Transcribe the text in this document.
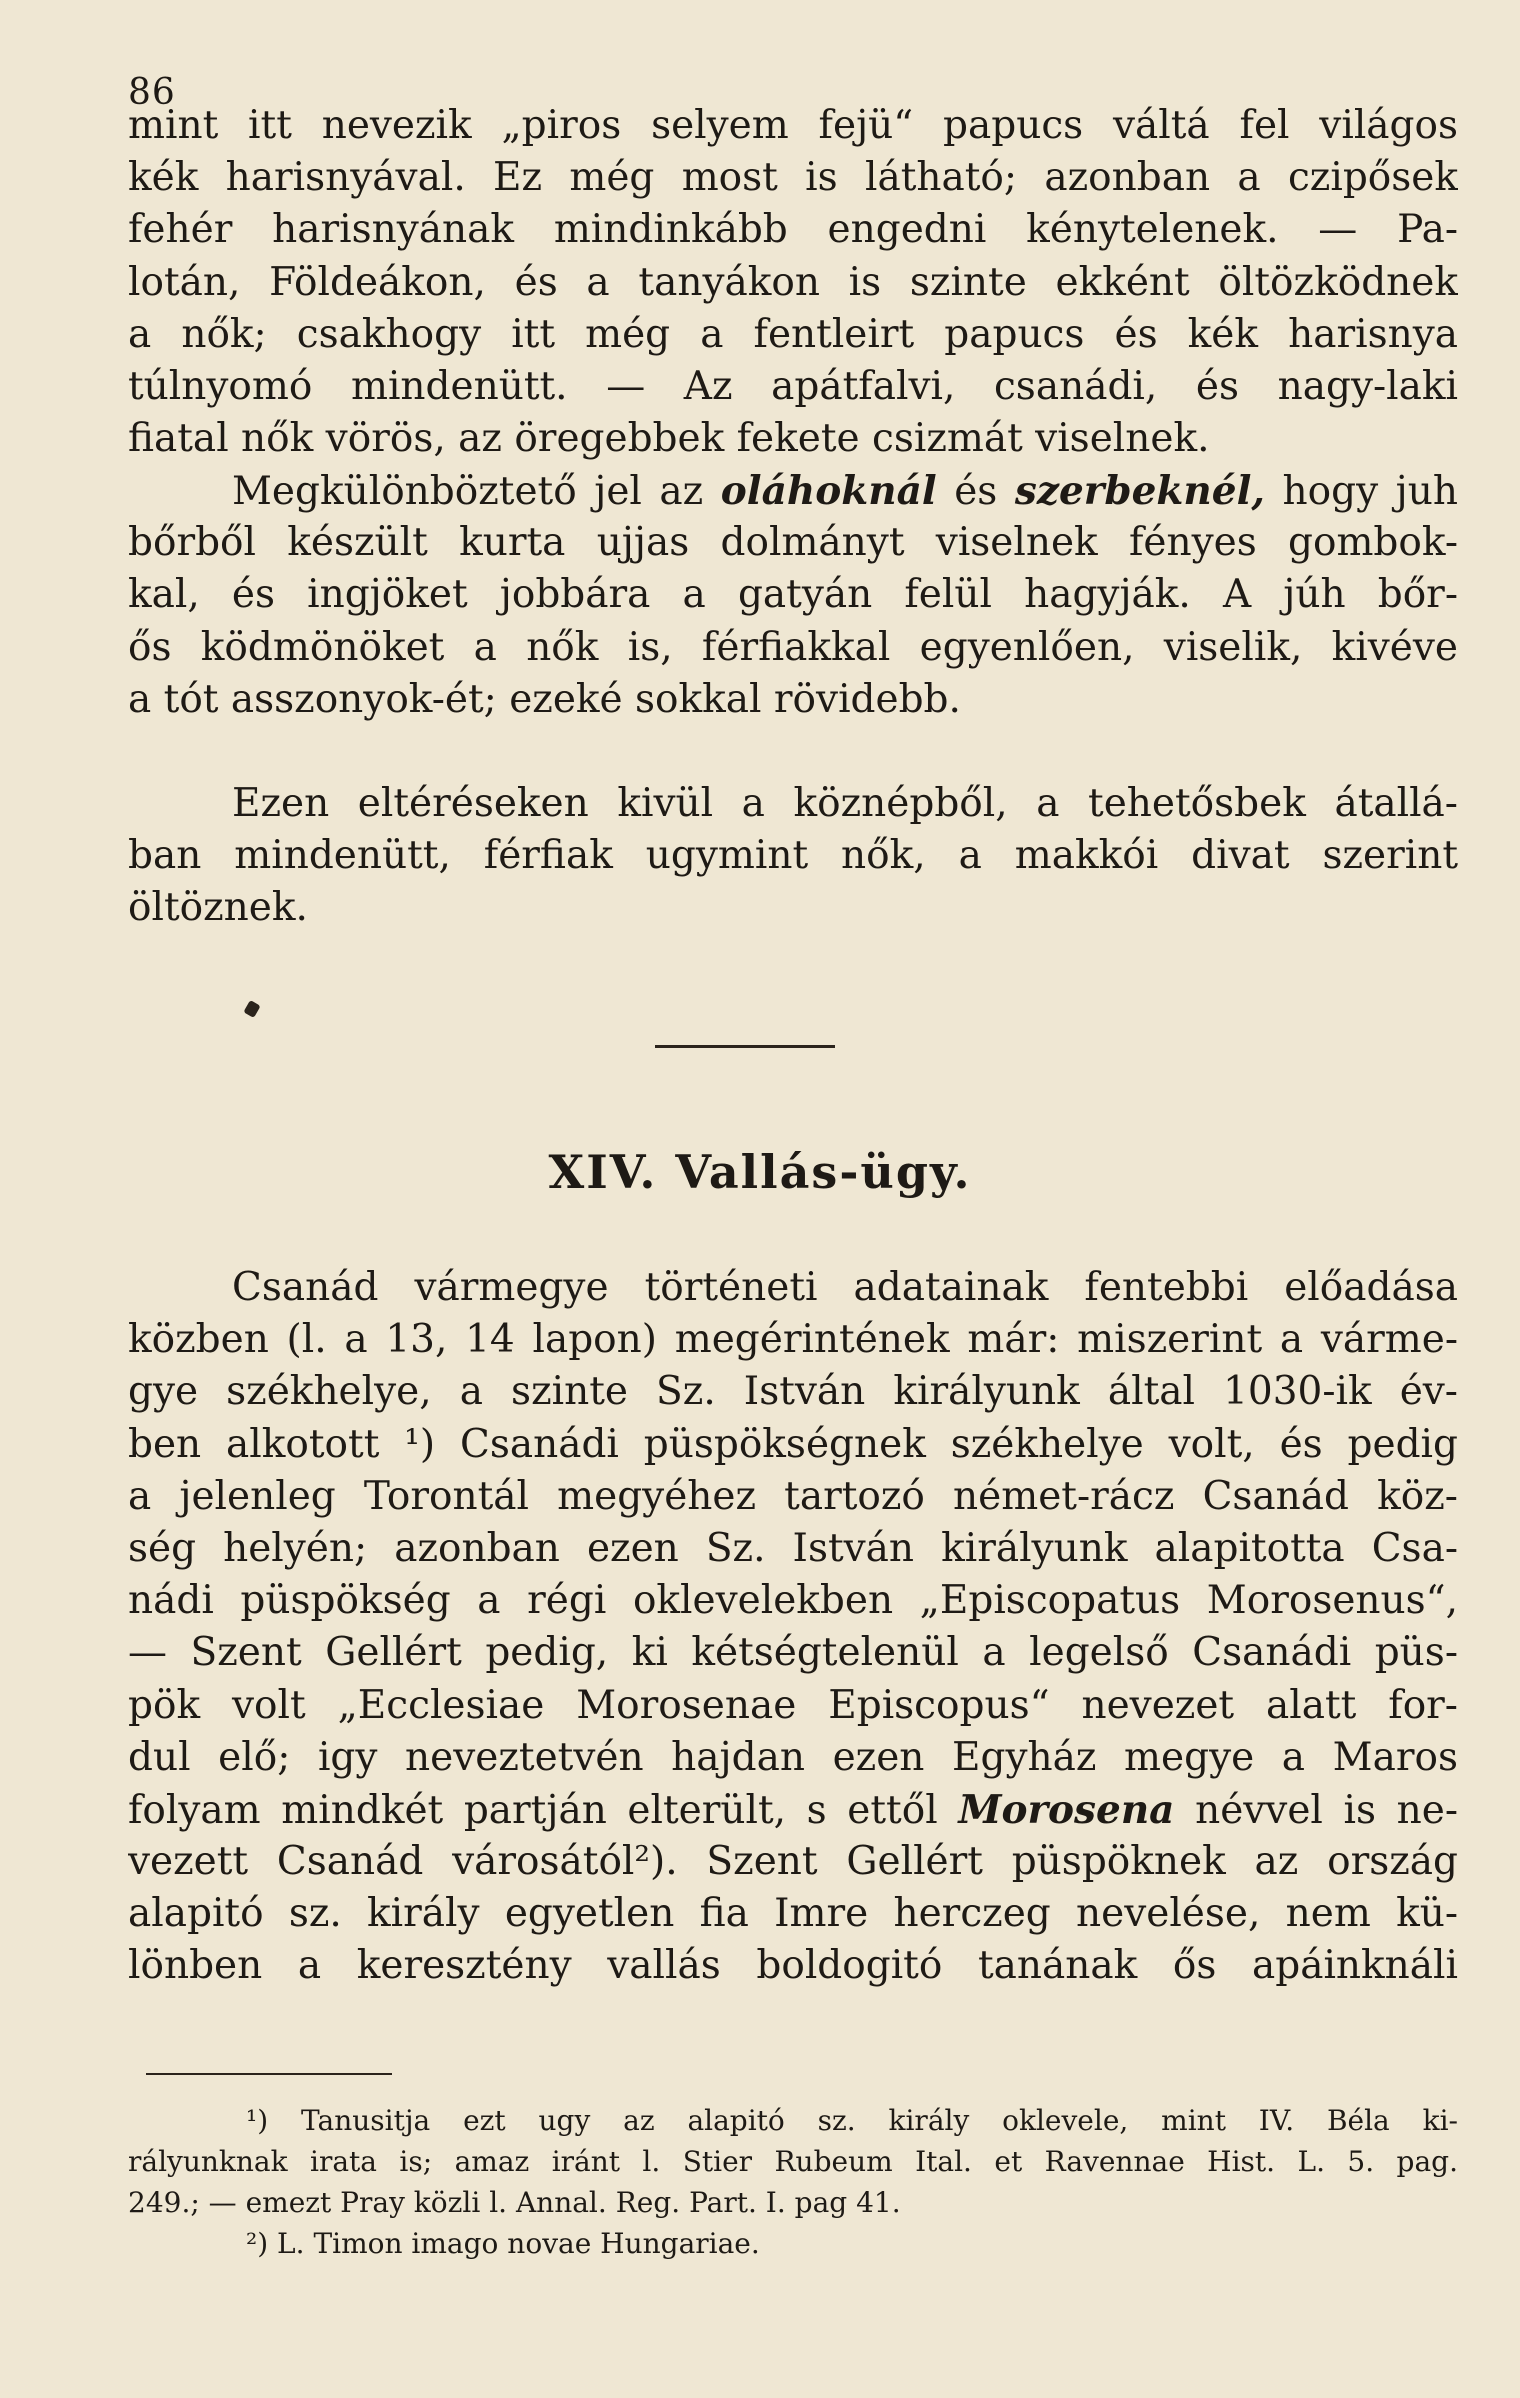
86
mint itt nevezik „piros selyem fejü“ papucs váltá fel világos
kék harisnyával. Ez még most is látható; azonban a czipősek
fehér harisnyának mindinkább engedni kénytelenek. — Pa-
lotán, Földeákon, és a tanyákon is szinte ekként öltözködnek
a nők; csakhogy itt még a fentleirt papucs és kék harisnya
túlnyomó mindenütt. — Az apátfalvi, csanádi, és nagy-laki
fiatal nők vörös, az öregebbek fekete csizmát viselnek.
Megkülönböztető jel az oláhoknál és szerbeknél, hogy juh
bőrből készült kurta ujjas dolmányt viselnek fényes gombok-
kal, és ingjöket jobbára a gatyán felül hagyják. A júh bőr-
ős ködmönöket a nők is, férfiakkal egyenlően, viselik, kivéve
a tót asszonyok-ét; ezeké sokkal rövidebb.
Ezen eltéréseken kivül a köznépből, a tehetősbek átallá-
ban mindenütt, férfiak ugymint nők, a makkói divat szerint
öltöznek.
XIV. Vallás-ügy.
Csanád vármegye történeti adatainak fentebbi előadása
közben (l. a 13, 14 lapon) megérintének már: miszerint a várme-
gye székhelye, a szinte Sz. István királyunk által 1030-ik év-
ben alkotott ¹) Csanádi püspökségnek székhelye volt, és pedig
a jelenleg Torontál megyéhez tartozó német-rácz Csanád köz-
ség helyén; azonban ezen Sz. István királyunk alapitotta Csa-
nádi püspökség a régi oklevelekben „Episcopatus Morosenus“,
— Szent Gellért pedig, ki kétségtelenül a legelső Csanádi püs-
pök volt „Ecclesiae Morosenae Episcopus“ nevezet alatt for-
dul elő; igy neveztetvén hajdan ezen Egyház megye a Maros
folyam mindkét partján elterült, s ettől Morosena névvel is ne-
vezett Csanád városától²). Szent Gellért püspöknek az ország
alapitó sz. király egyetlen fia Imre herczeg nevelése, nem kü-
lönben a keresztény vallás boldogitó tanának ős apáinknáli
¹) Tanusitja ezt ugy az alapitó sz. király oklevele, mint IV. Béla ki-
rályunknak irata is; amaz iránt l. Stier Rubeum Ital. et Ravennae Hist. L. 5. pag.
249.; — emezt Pray közli l. Annal. Reg. Part. I. pag 41.
²) L. Timon imago novae Hungariae.
